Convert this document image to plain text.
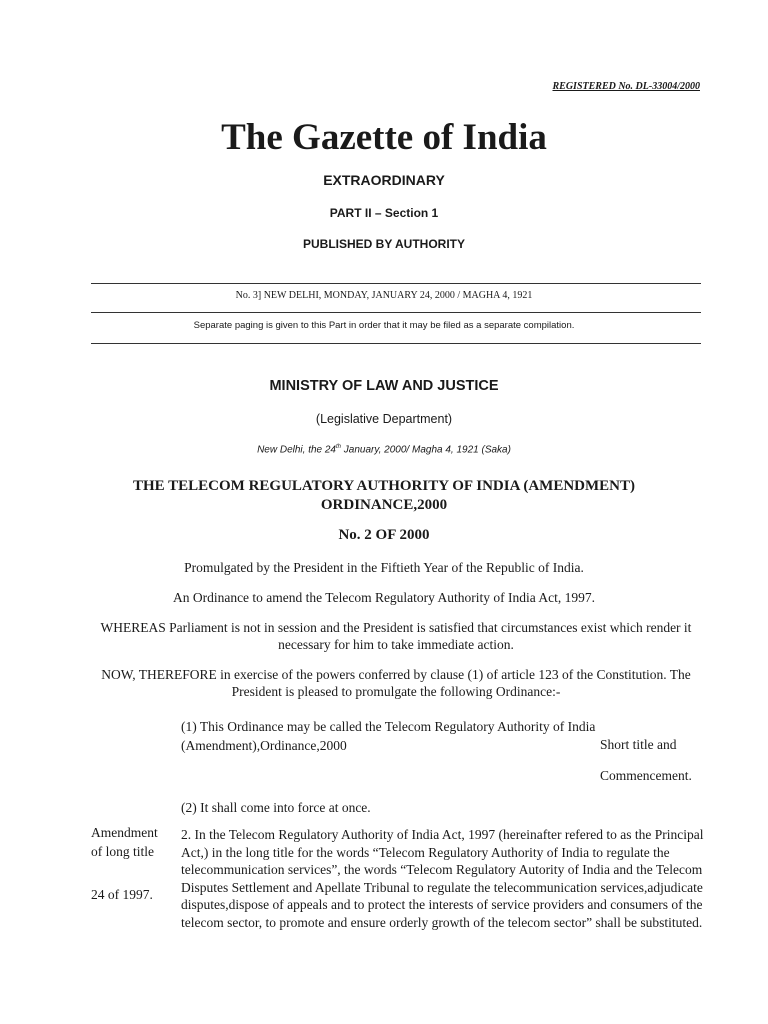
REGISTERED No. DL-33004/2000
The Gazette of India
EXTRAORDINARY
PART II – Section 1
PUBLISHED BY AUTHORITY
No. 3] NEW DELHI, MONDAY, JANUARY 24, 2000 / MAGHA 4, 1921
Separate paging is given to this Part in order that it may be filed as a separate compilation.
MINISTRY OF LAW AND JUSTICE
(Legislative Department)
New Delhi, the 24th January, 2000/ Magha 4, 1921 (Saka)
THE TELECOM REGULATORY AUTHORITY OF INDIA (AMENDMENT)
ORDINANCE,2000
No. 2 OF 2000
Promulgated by the President in the Fiftieth Year of the Republic of India.
An Ordinance to amend the Telecom Regulatory Authority of India Act, 1997.
WHEREAS Parliament is not in session and the President is satisfied that circumstances exist which render it necessary for him to take immediate action.
NOW, THEREFORE in exercise of the powers conferred by clause (1) of article 123 of the Constitution. The President is pleased to promulgate the following Ordinance:-
(1) This Ordinance may be called the Telecom Regulatory Authority of India (Amendment),Ordinance,2000	Short title and
Commencement.
(2) It shall come into force at once.
Amendment of long title
24 of 1997.
2. In the Telecom Regulatory Authority of India Act, 1997 (hereinafter refered to as the Principal Act,) in the long title for the words “Telecom Regulatory Authority of India to regulate the telecommunication services”, the words “Telecom Regulatory Autority of India and the Telecom Disputes Settlement and Apellate Tribunal to regulate the telecommunication services,adjudicate disputes,dispose of appeals and to protect the interests of service providers and consumers of the telecom sector, to promote and ensure orderly growth of the telecom sector” shall be substituted.
